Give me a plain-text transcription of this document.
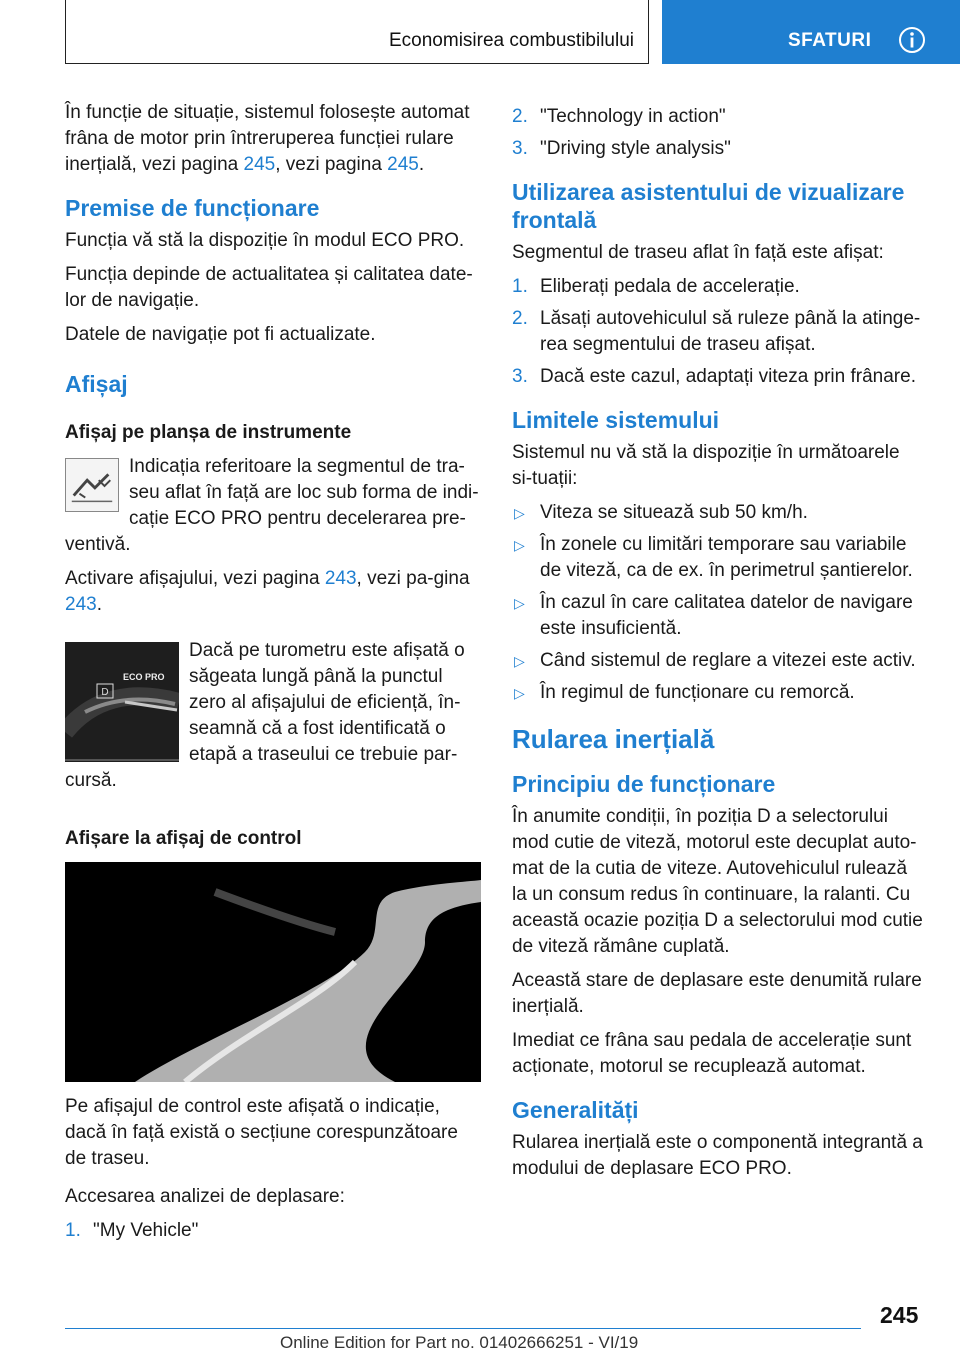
Economisirea combustibilului	SFATURI

În funcție de situație, sistemul folosește automat frâna de motor prin întreruperea funcției rulare inerțială, vezi pagina 245, vezi pagina 245.

Premise de funcționare

Funcția vă stă la dispoziție în modul ECO PRO.

Funcția depinde de actualitatea și calitatea date-lor de navigație.

Datele de navigație pot fi actualizate.

Afișaj
Afișaj pe planșa de instrumente

Indicația referitoare la segmentul de tra-seu aflat în față are loc sub forma de indi-cație ECO PRO pentru decelerarea pre-ventivă.

Activare afișajului, vezi pagina 243, vezi pa-gina 243.

D
ECO PRO

Dacă pe turometru este afișată o săgeata lungă până la punctul zero al afișajului de eficiență, în-seamnă că a fost identificată o etapă a traseului ce trebuie par-cursă.

Afișare la afișaj de control

Pe afișajul de control este afișată o indicație, dacă în față există o secțiune corespunzătoare de traseu.

Accesarea analizei de deplasare:

1. "My Vehicle"
2. "Technology in action"
3. "Driving style analysis"
Utilizarea asistentului de vizualizare frontală

Segmentul de traseu aflat în față este afișat:

1. Eliberați pedala de accelerație.
2. Lăsați autovehiculul să ruleze până la atinge-rea segmentului de traseu afișat.
3. Dacă este cazul, adaptați viteza prin frânare.
Limitele sistemului

Sistemul nu vă stă la dispoziție în următoarele si-tuații:

▷ Viteza se situează sub 50 km/h.
▷ În zonele cu limitări temporare sau variabile de viteză, ca de ex. în perimetrul șantierelor.
▷ În cazul în care calitatea datelor de navigare este insuficientă.
▷ Când sistemul de reglare a vitezei este activ.
▷ În regimul de funcționare cu remorcă.
Rularea inerțială
Principiu de funcționare

În anumite condiții, în poziția D a selectorului mod cutie de viteză, motorul este decuplat auto-mat de la cutia de viteze. Autovehiculul rulează la un consum redus în continuare, la ralanti. Cu această ocazie poziția D a selectorului mod cutie de viteză rămâne cuplată.

Această stare de deplasare este denumită rulare inerțială.

Imediat ce frâna sau pedala de accelerație sunt acționate, motorul se recuplează automat.

Generalități

Rularea inerțială este o componentă integrantă a modului de deplasare ECO PRO.

245
Online Edition for Part no. 01402666251 - VI/19
